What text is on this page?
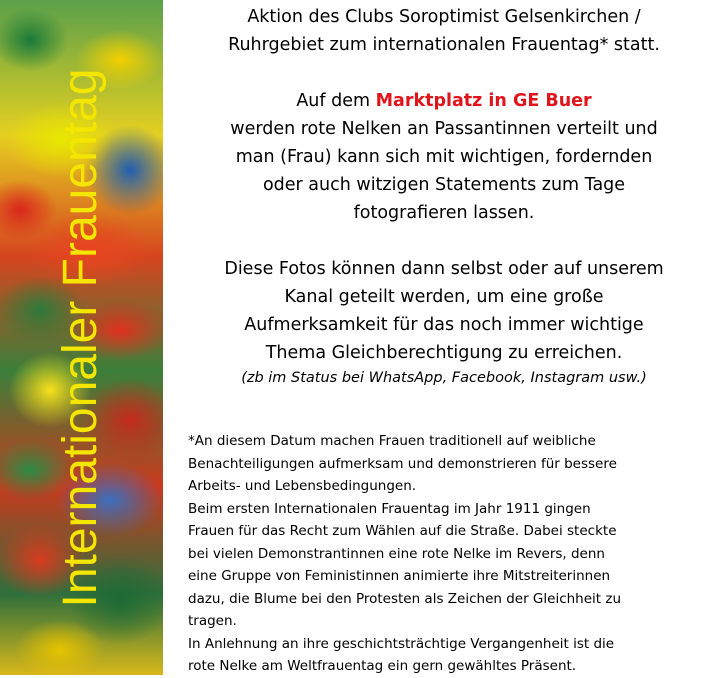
Internationaler Frauentag

Aktion des Clubs Soroptimist Gelsenkirchen /
Ruhrgebiet zum internationalen Frauentag* statt.

Auf dem Marktplatz in GE Buer
werden rote Nelken an Passantinnen verteilt und
man (Frau) kann sich mit wichtigen, fordernden
oder auch witzigen Statements zum Tage
fotografieren lassen.

Diese Fotos können dann selbst oder auf unserem
Kanal geteilt werden, um eine große
Aufmerksamkeit für das noch immer wichtige
Thema Gleichberechtigung zu erreichen.

(zb im Status bei WhatsApp, Facebook, Instagram usw.)

*An diesem Datum machen Frauen traditionell auf weibliche
Benachteiligungen aufmerksam und demonstrieren für bessere
Arbeits- und Lebensbedingungen.
Beim ersten Internationalen Frauentag im Jahr 1911 gingen
Frauen für das Recht zum Wählen auf die Straße. Dabei steckte
bei vielen Demonstrantinnen eine rote Nelke im Revers, denn
eine Gruppe von Feministinnen animierte ihre Mitstreiterinnen
dazu, die Blume bei den Protesten als Zeichen der Gleichheit zu
tragen.
In Anlehnung an ihre geschichtsträchtige Vergangenheit ist die
rote Nelke am Weltfrauentag ein gern gewähltes Präsent.
